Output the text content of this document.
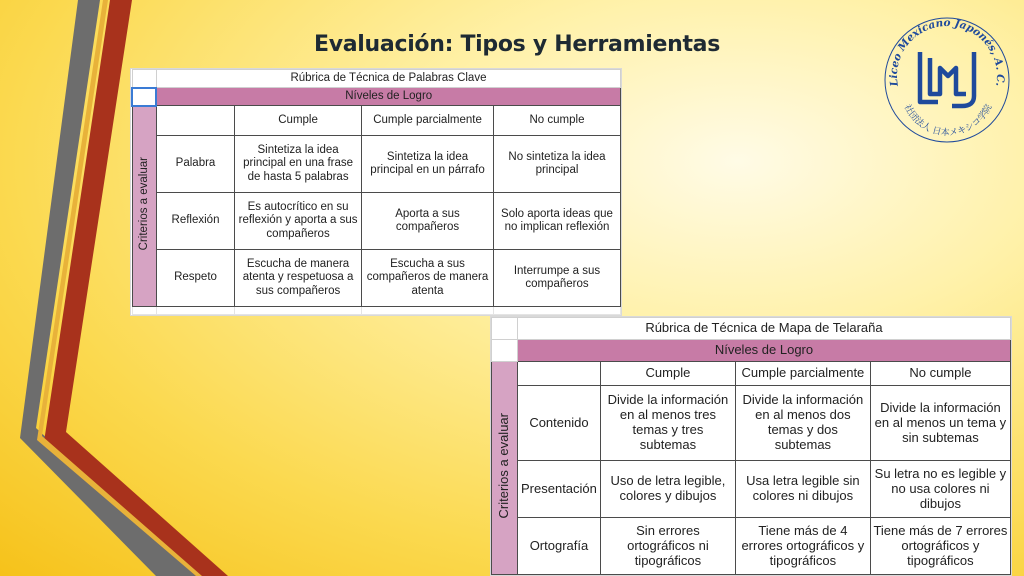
Evaluación: Tipos y Herramientas
Liceo Mexicano Japonés, A. C.
社団法人 日本メキシコ学院
	Rúbrica de Técnica de Palabras Clave			
	Níveles de Logro			
Criterios a evaluar		Cumple	Cumple parcialmente	No cumple
	Palabra	Sintetiza la idea principal en una frase de hasta 5 palabras	Sintetiza la idea principal en un párrafo	No sintetiza la idea principal
	Reflexión	Es autocrítico en su reflexión y aporta a sus compañeros	Aporta a sus compañeros	Solo aporta ideas que no implican reflexión
	Respeto	Escucha de manera atenta y respetuosa a sus compañeros	Escucha a sus compañeros de manera atenta	Interrumpe a sus compañeros

	Rúbrica de Técnica de Mapa de Telaraña			
	Níveles de Logro			
Criterios a evaluar		Cumple	Cumple parcialmente	No cumple
	Contenido	Divide la información en al menos tres temas y tres subtemas	Divide la información en al menos dos temas y dos subtemas	Divide la información en al menos un tema y sin subtemas
	Presentación	Uso de letra legible, colores y dibujos	Usa letra legible sin colores ni dibujos	Su letra no es legible y no usa colores ni dibujos
	Ortografía	Sin errores ortográficos ni tipográficos	Tiene más de 4 errores ortográficos y tipográficos	Tiene más de 7 errores ortográficos y tipográficos
